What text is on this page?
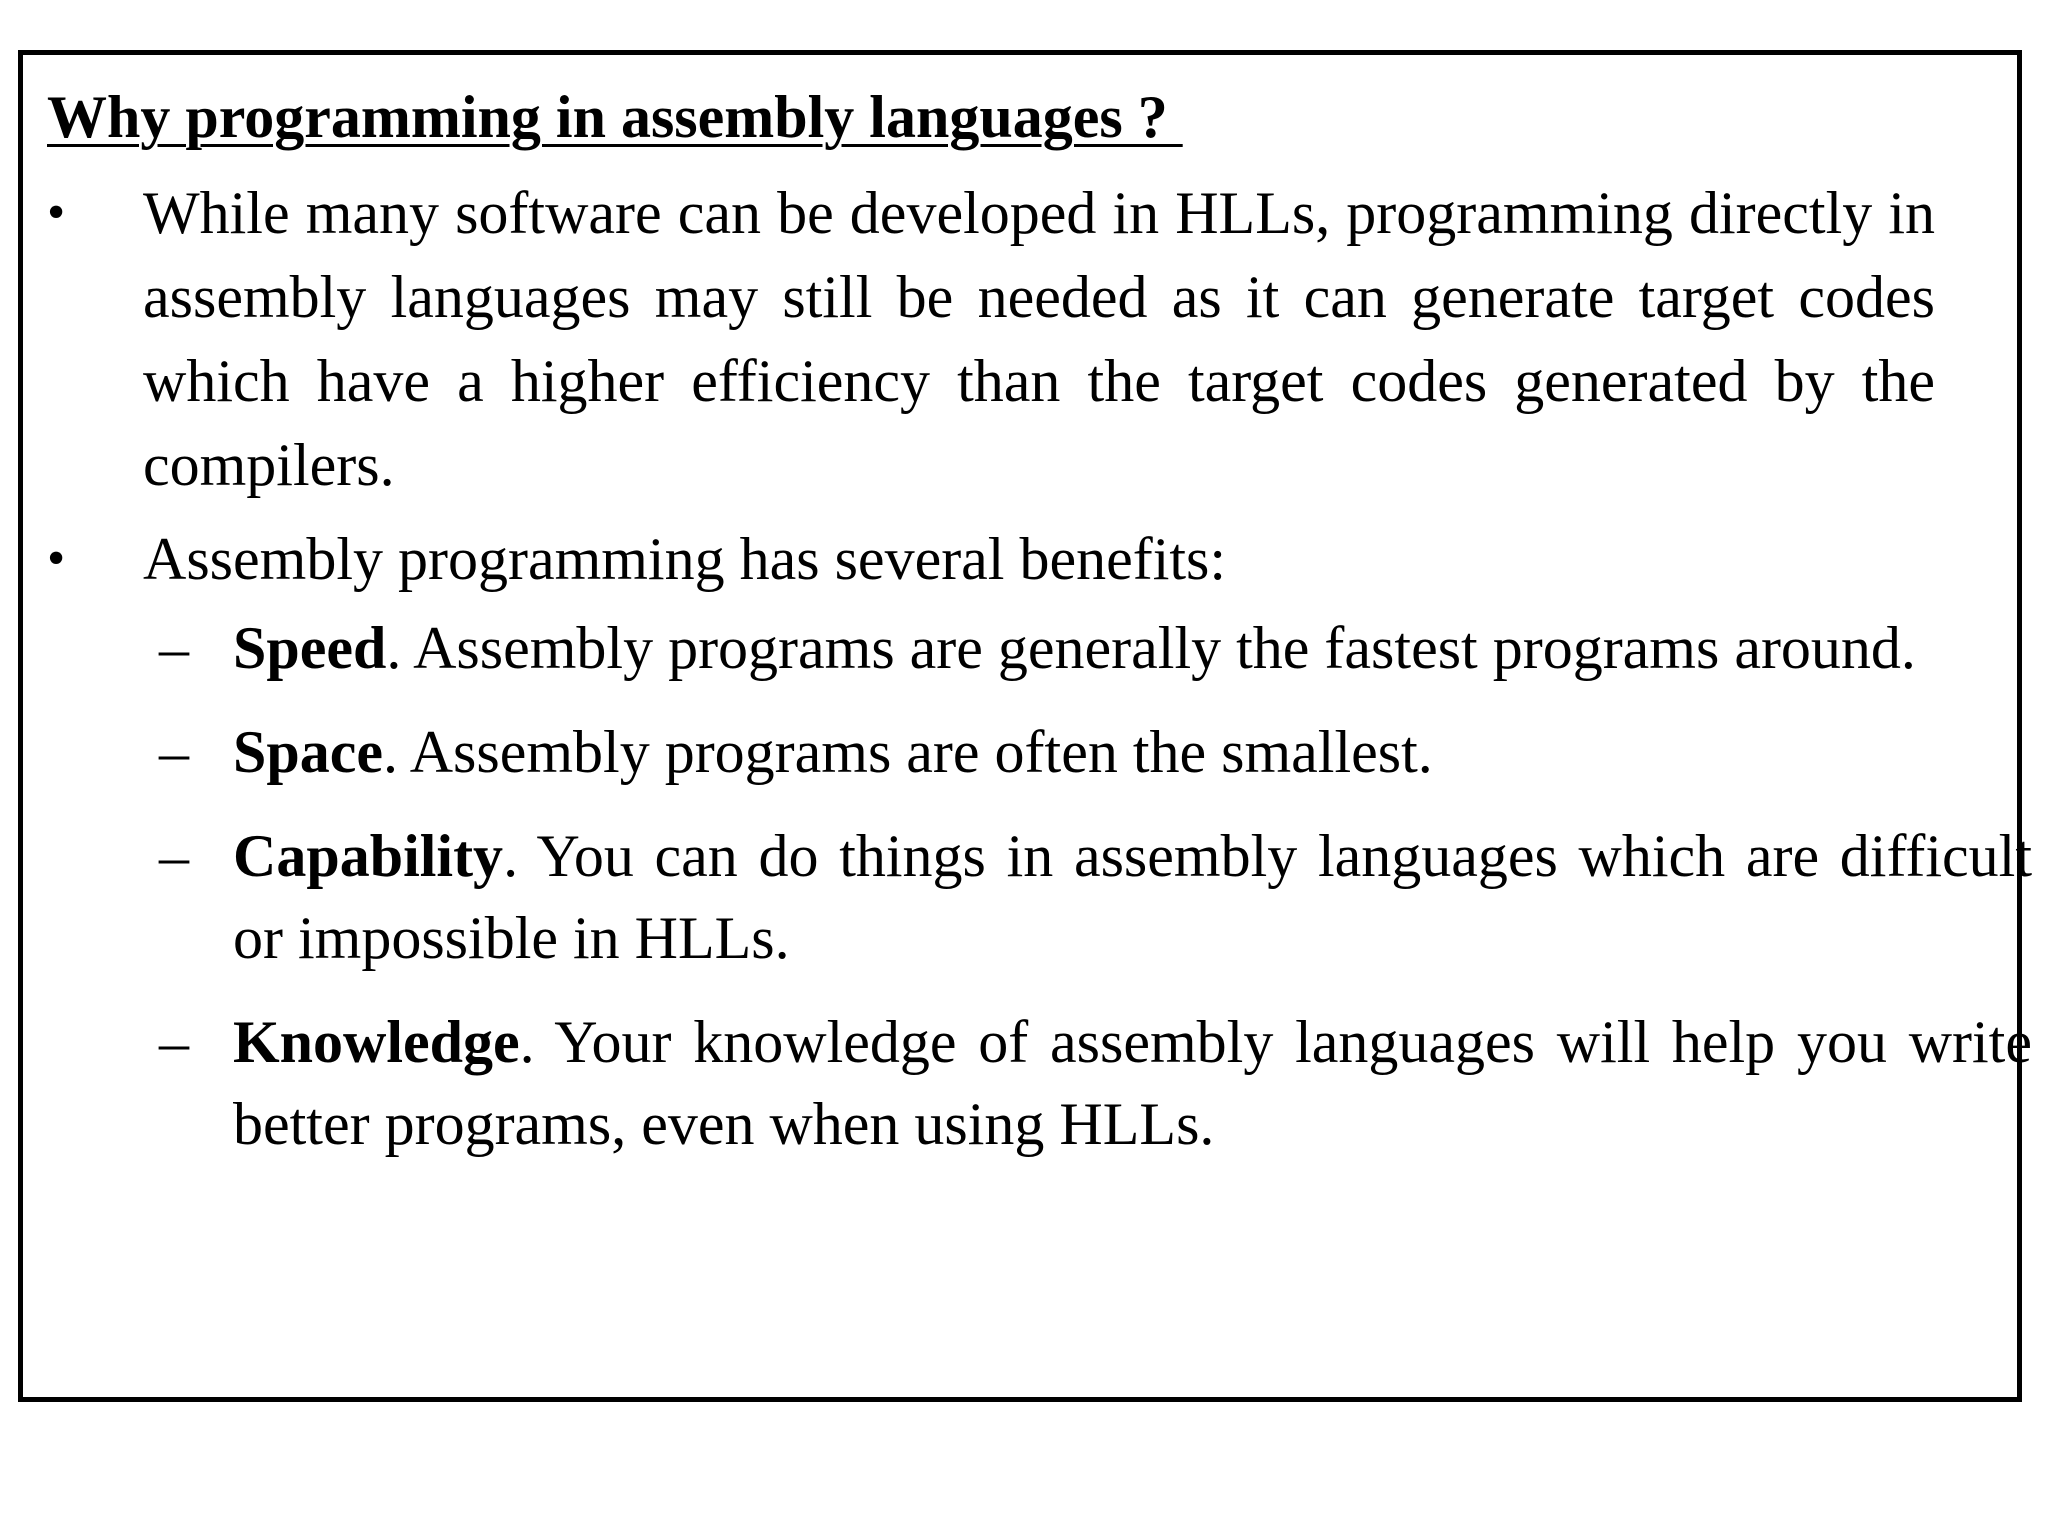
Why programming in assembly languages ?
• While many software can be developed in HLLs, programming directly in assembly languages may still be needed as it can generate target codes which have a higher efficiency than the target codes generated by the compilers.
• Assembly programming has several benefits:
– Speed. Assembly programs are generally the fastest programs around.
– Space. Assembly programs are often the smallest.
– Capability. You can do things in assembly languages which are difficult or impossible in HLLs.
– Knowledge. Your knowledge of assembly languages will help you write better programs, even when using HLLs.
